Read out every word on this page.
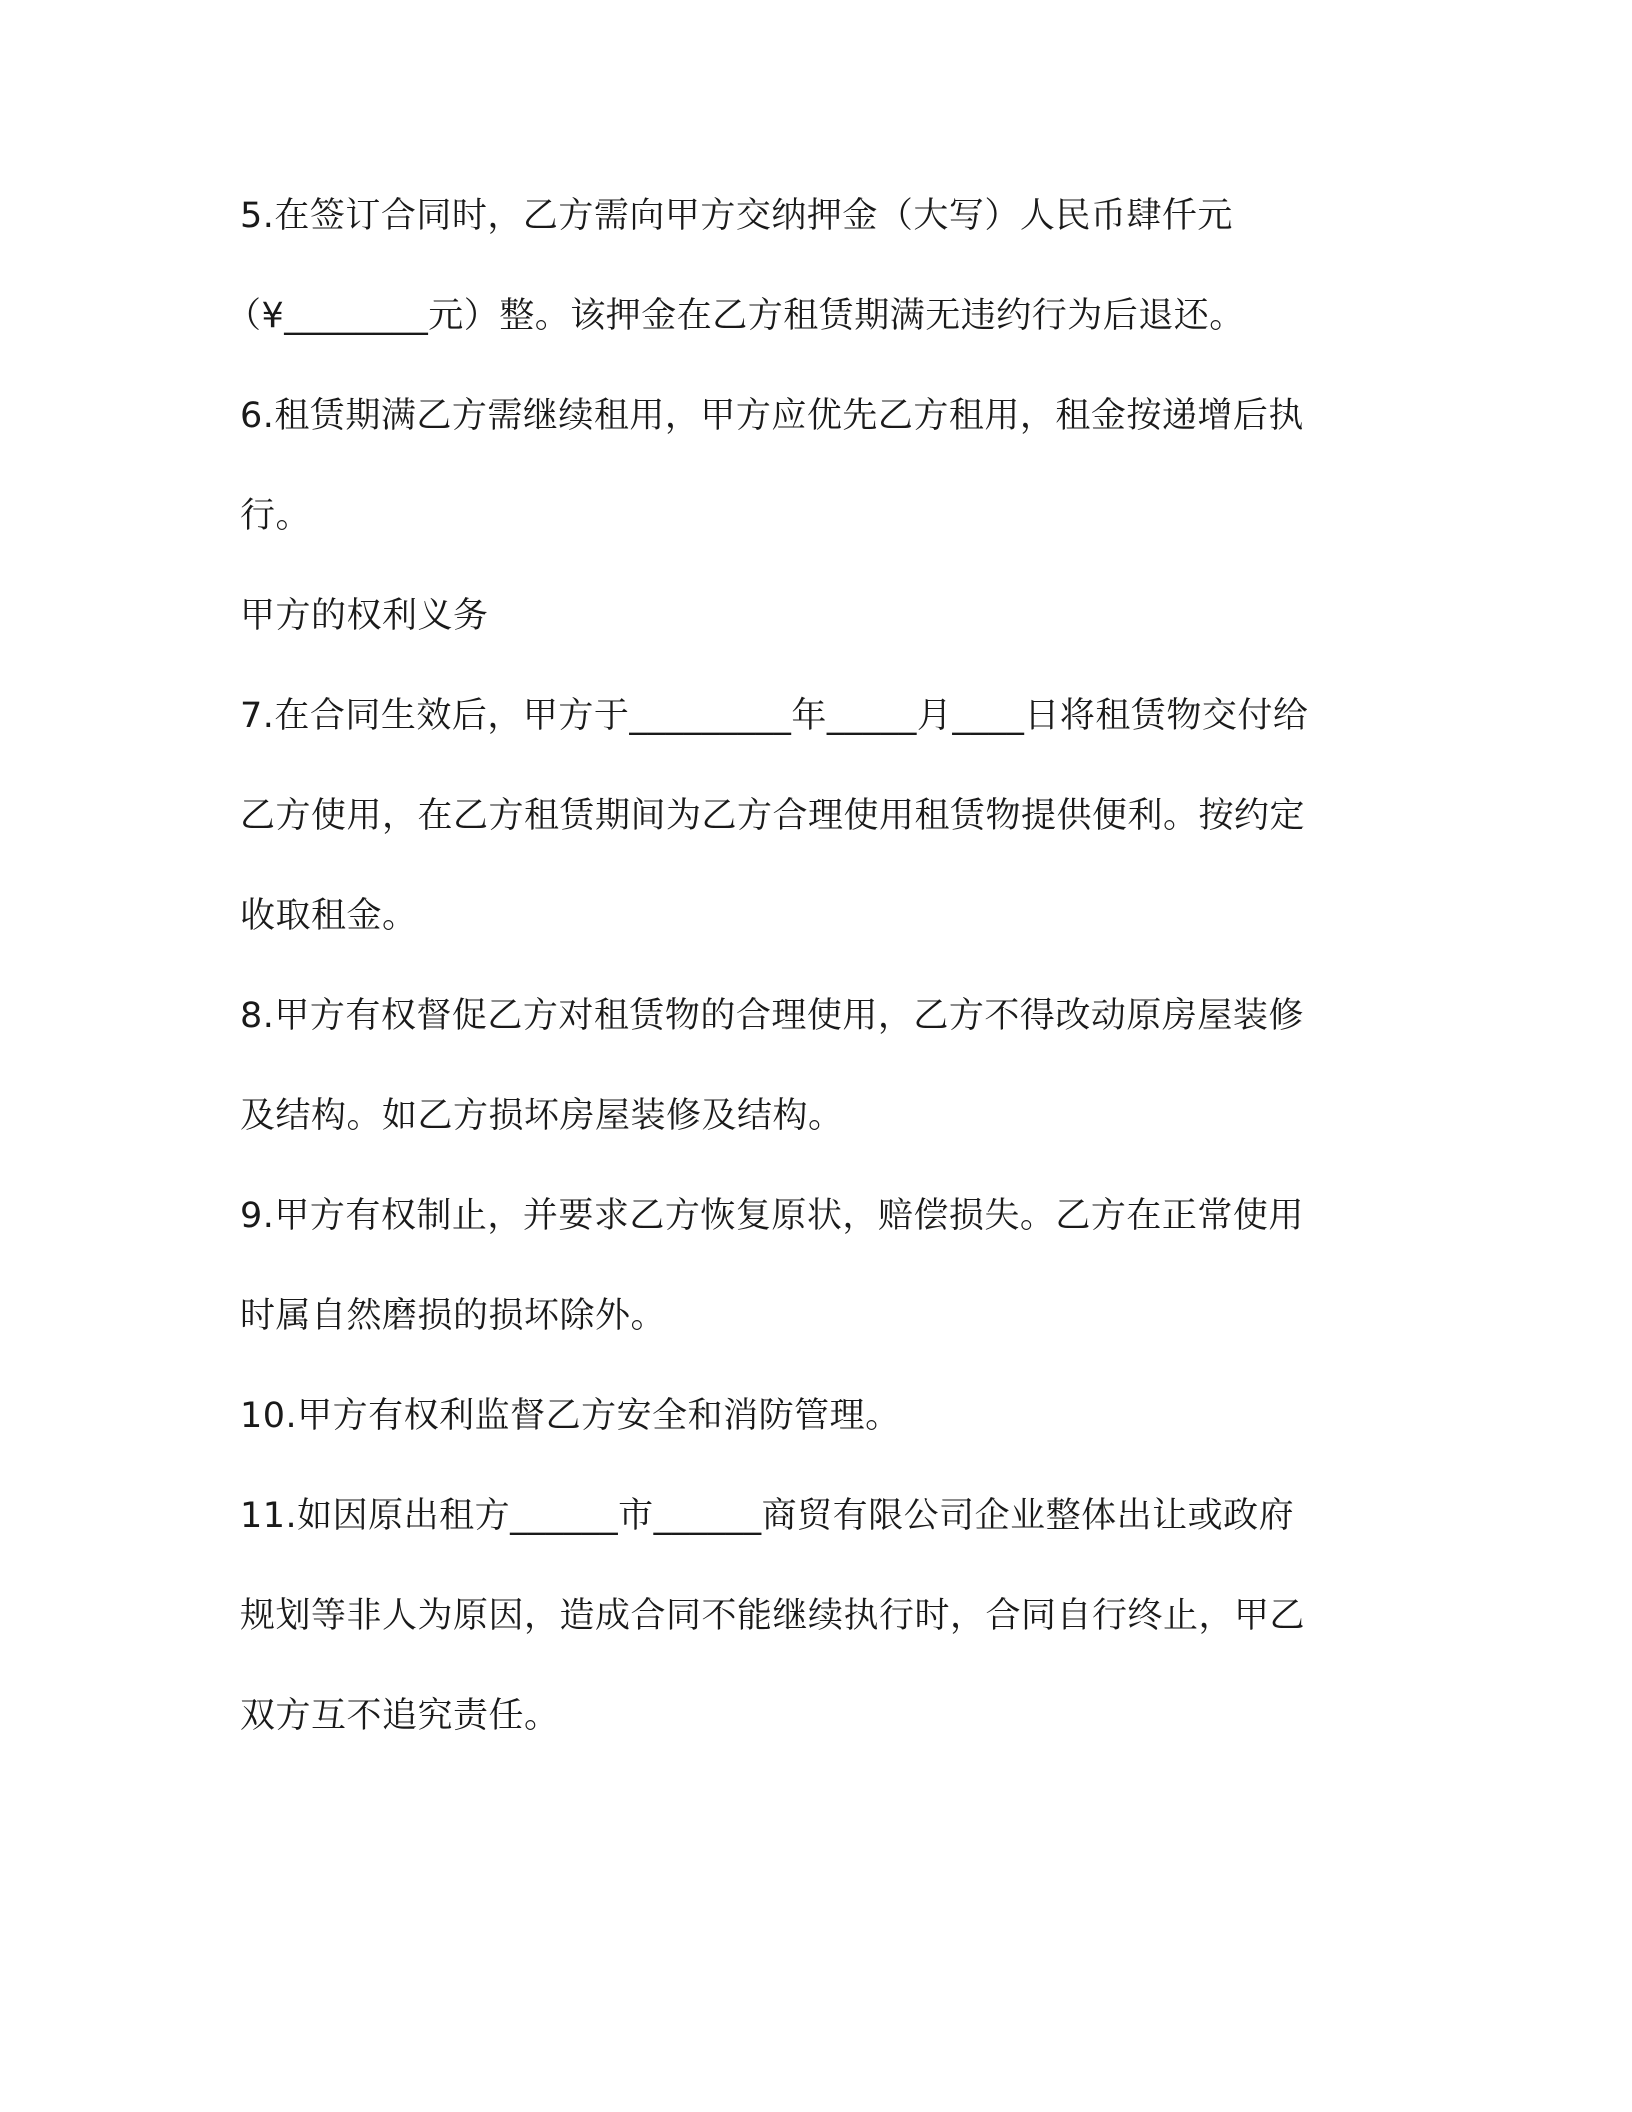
5.在签订合同时，乙方需向甲方交纳押金（大写）人民币肆仟元
（¥________元）整。该押金在乙方租赁期满无违约行为后退还。
6.租赁期满乙方需继续租用，甲方应优先乙方租用，租金按递增后执
行。
甲方的权利义务
7.在合同生效后，甲方于_________年_____月____日将租赁物交付给
乙方使用，在乙方租赁期间为乙方合理使用租赁物提供便利。按约定
收取租金。
8.甲方有权督促乙方对租赁物的合理使用，乙方不得改动原房屋装修
及结构。如乙方损坏房屋装修及结构。
9.甲方有权制止，并要求乙方恢复原状，赔偿损失。乙方在正常使用
时属自然磨损的损坏除外。
10.甲方有权利监督乙方安全和消防管理。
11.如因原出租方______市______商贸有限公司企业整体出让或政府
规划等非人为原因，造成合同不能继续执行时，合同自行终止，甲乙
双方互不追究责任。
